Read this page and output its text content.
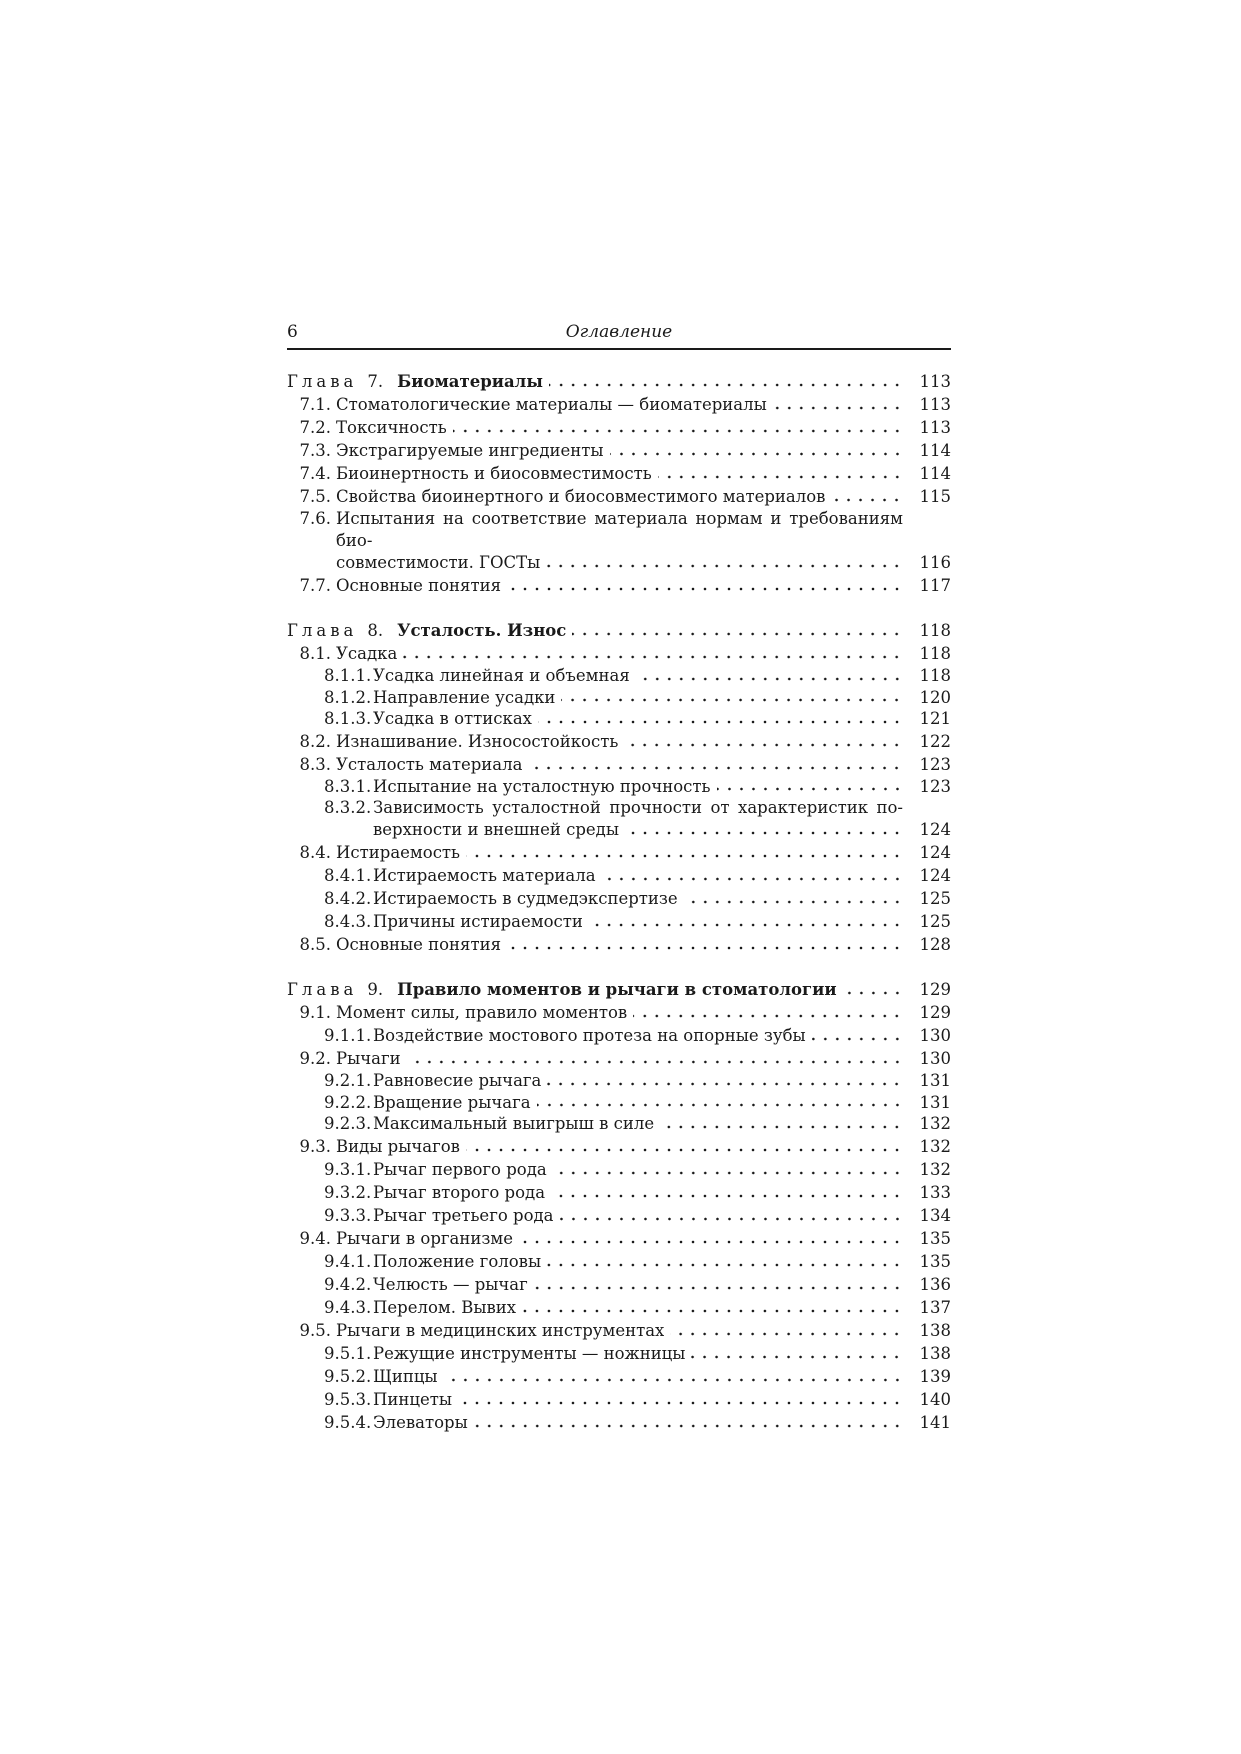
6	Оглавление
Глава 7. Биоматериалы	113
7.1. Стоматологические материалы — биоматериалы	113
7.2. Токсичность	113
7.3. Экстрагируемые ингредиенты	114
7.4. Биоинертность и биосовместимость	114
7.5. Свойства биоинертного и биосовместимого материалов	115
7.6. Испытания на соответствие материала нормам и требованиям био-
совместимости. ГОСТы	116
7.7. Основные понятия	117
Глава 8. Усталость. Износ	118
8.1. Усадка	118
8.1.1. Усадка линейная и объемная	118
8.1.2. Направление усадки	120
8.1.3. Усадка в оттисках	121
8.2. Изнашивание. Износостойкость	122
8.3. Усталость материала	123
8.3.1. Испытание на усталостную прочность	123
8.3.2. Зависимость усталостной прочности от характеристик по-
верхности и внешней среды	124
8.4. Истираемость	124
8.4.1. Истираемость материала	124
8.4.2. Истираемость в судмедэкспертизе	125
8.4.3. Причины истираемости	125
8.5. Основные понятия	128
Глава 9. Правило моментов и рычаги в стоматологии	129
9.1. Момент силы, правило моментов	129
9.1.1. Воздействие мостового протеза на опорные зубы	130
9.2. Рычаги	130
9.2.1. Равновесие рычага	131
9.2.2. Вращение рычага	131
9.2.3. Максимальный выигрыш в силе	132
9.3. Виды рычагов	132
9.3.1. Рычаг первого рода	132
9.3.2. Рычаг второго рода	133
9.3.3. Рычаг третьего рода	134
9.4. Рычаги в организме	135
9.4.1. Положение головы	135
9.4.2. Челюсть — рычаг	136
9.4.3. Перелом. Вывих	137
9.5. Рычаги в медицинских инструментах	138
9.5.1. Режущие инструменты — ножницы	138
9.5.2. Щипцы	139
9.5.3. Пинцеты	140
9.5.4. Элеваторы	141
